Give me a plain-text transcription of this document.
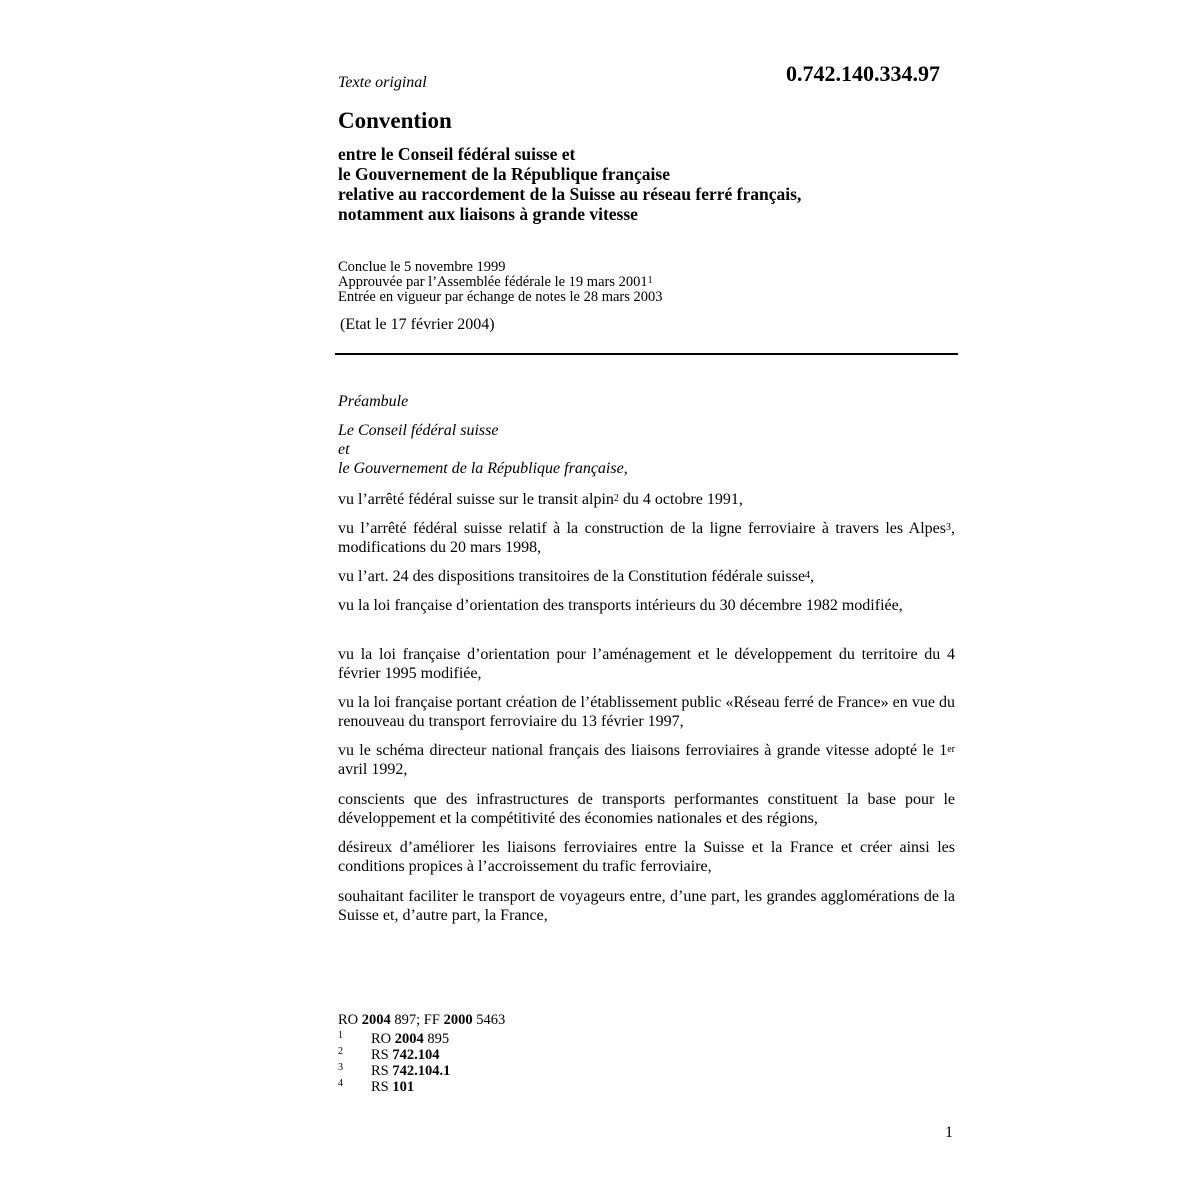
Texte original	0.742.140.334.97
Convention
entre le Conseil fédéral suisse et
le Gouvernement de la République française
relative au raccordement de la Suisse au réseau ferré français,
notamment aux liaisons à grande vitesse
Conclue le 5 novembre 1999
Approuvée par l’Assemblée fédérale le 19 mars 2001$^1$
Entrée en vigueur par échange de notes le 28 mars 2003
(Etat le 17 février 2004)
Préambule
Le Conseil fédéral suisse
et
le Gouvernement de la République française,
vu l’arrêté fédéral suisse sur le transit alpin$^2$ du 4 octobre 1991,
vu l’arrêté fédéral suisse relatif à la construction de la ligne ferroviaire à travers les Alpes$^3$, modifications du 20 mars 1998,
vu l’art. 24 des dispositions transitoires de la Constitution fédérale suisse$^4$,
vu la loi française d’orientation des transports intérieurs du 30 décembre 1982 modifiée,
vu la loi française d’orientation pour l’aménagement et le développement du territoire du 4 février 1995 modifiée,
vu la loi française portant création de l’établissement public «Réseau ferré de France» en vue du renouveau du transport ferroviaire du 13 février 1997,
vu le schéma directeur national français des liaisons ferroviaires à grande vitesse adopté le 1er avril 1992,
conscients que des infrastructures de transports performantes constituent la base pour le développement et la compétitivité des économies nationales et des régions,
désireux d’améliorer les liaisons ferroviaires entre la Suisse et la France et créer ainsi les conditions propices à l’accroissement du trafic ferroviaire,
souhaitant faciliter le transport de voyageurs entre, d’une part, les grandes agglomérations de la Suisse et, d’autre part, la France,
RO 2004 897; FF 2000 5463
1 RO 2004 895
2 RS 742.104
3 RS 742.104.1
4 RS 101
1
